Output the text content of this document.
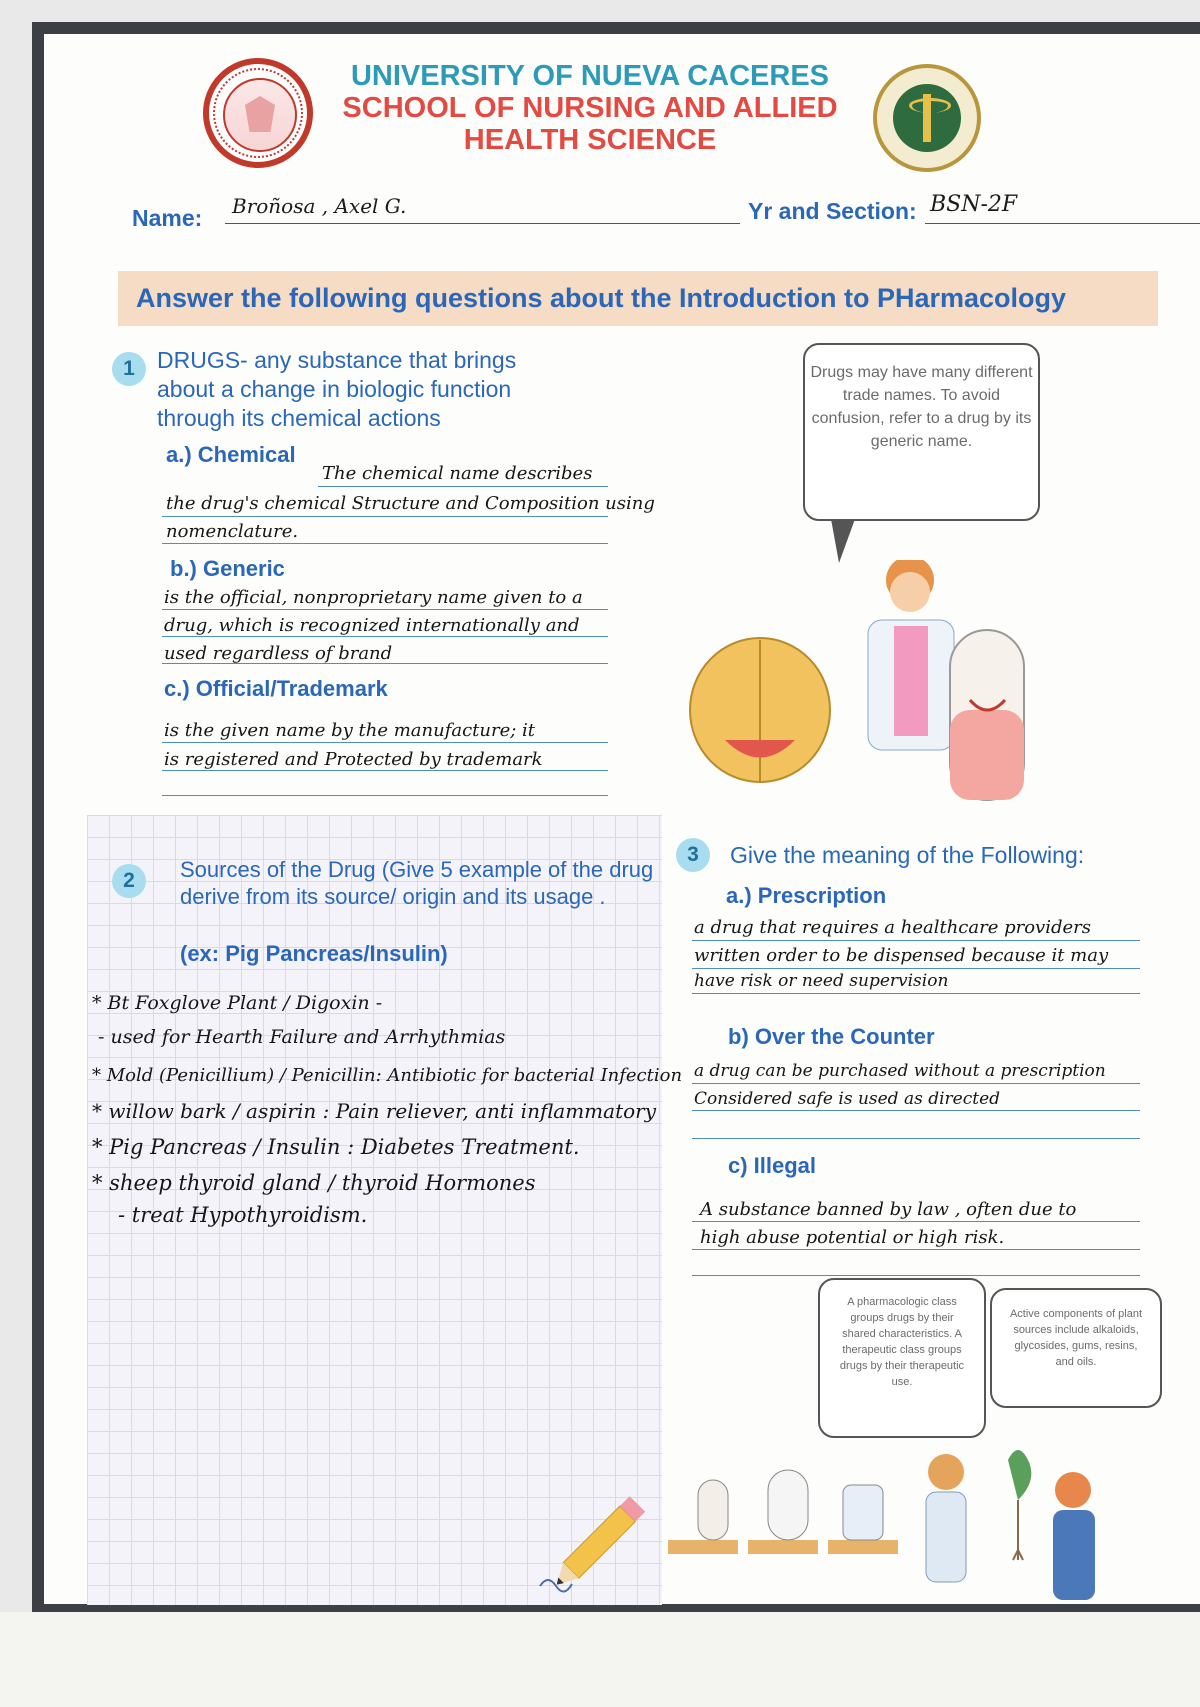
UNIVERSITY OF NUEVA CACERES
SCHOOL OF NURSING AND ALLIED
HEALTH SCIENCE
Name: Broñosa , Axel G.	Yr and Section: BSN-2F
Answer the following questions about the Introduction to PHarmacology
1 DRUGS- any substance that brings about a change in biologic function through its chemical actions
a.) Chemical
The chemical name describes
the drug's chemical Structure and Composition using
nomenclature.
b.) Generic
is the official, nonproprietary name given to a
drug, which is recognized internationally and
used regardless of brand
c.) Official/Trademark
is the given name by the manufacture; it
is registered and Protected by trademark
Drugs may have many different trade names. To avoid confusion, refer to a drug by its generic name.
2	Sources of the Drug (Give 5 example of the drug derive from its source/ origin and its usage .
(ex: Pig Pancreas/Insulin)
* Bt Foxglove Plant / Digoxin -
- used for Hearth Failure and Arrhythmias
* Mold (Penicillium) / Penicillin: Antibiotic for bacterial Infection
* willow bark / aspirin : Pain reliever, anti inflammatory
* Pig Pancreas / Insulin : Diabetes Treatment.
* sheep thyroid gland / thyroid Hormones
- treat Hypothyroidism.
3	Give the meaning of the Following:
a.) Prescription
a drug that requires a healthcare providers
written order to be dispensed because it may
have risk or need supervision
b) Over the Counter
a drug can be purchased without a prescription
Considered safe is used as directed
c) Illegal
A substance banned by law , often due to
high abuse potential or high risk.
A pharmacologic class groups drugs by their shared characteristics. A therapeutic class groups drugs by their therapeutic use.
Active components of plant sources include alkaloids, glycosides, gums, resins, and oils.
